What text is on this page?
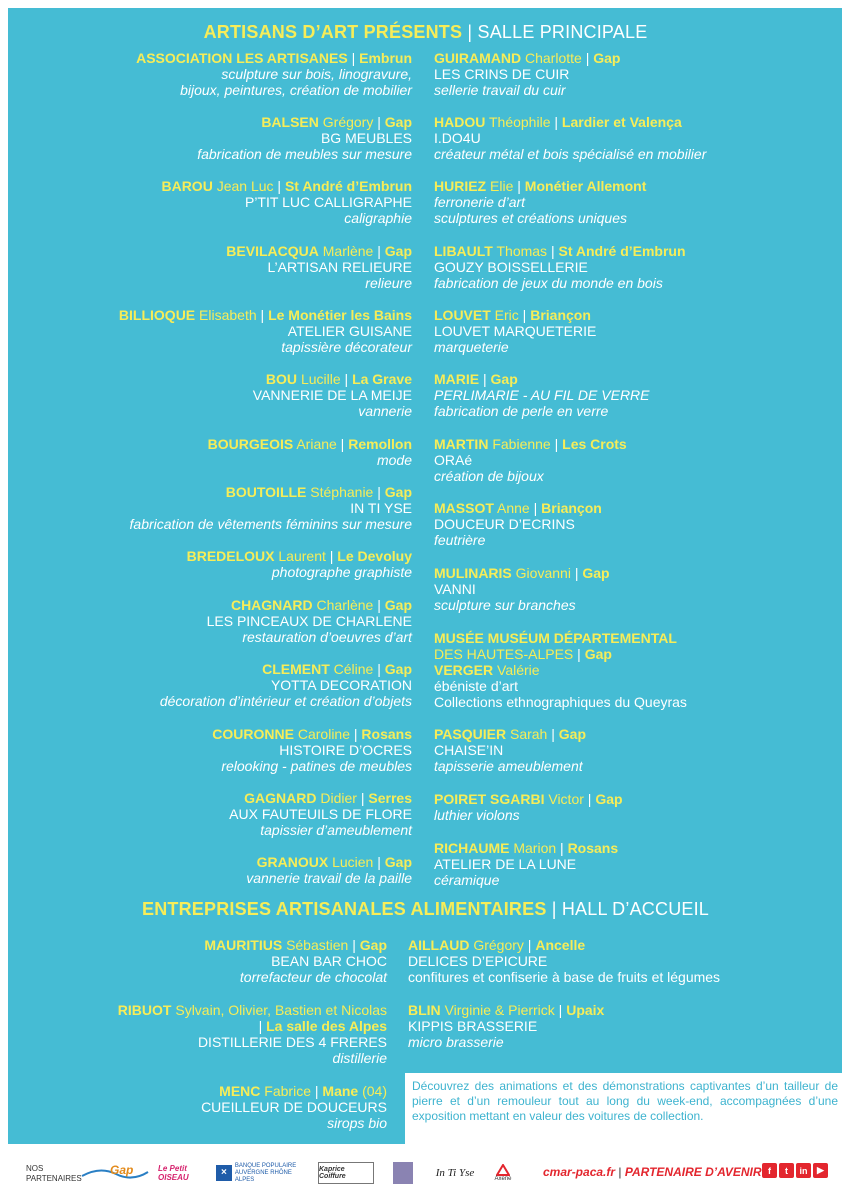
ARTISANS D’ART PRÉSENTS | SALLE PRINCIPALE
ASSOCIATION LES ARTISANES | Embrun
sculpture sur bois, linogravure,
bijoux, peintures, création de mobilier
BALSEN Grégory | Gap
BG MEUBLES
fabrication de meubles sur mesure
BAROU Jean Luc | St André d’Embrun
P’TIT LUC CALLIGRAPHE
caligraphie
BEVILACQUA Marlène | Gap
L’ARTISAN RELIEURE
relieure
BILLIOQUE Elisabeth | Le Monétier les Bains
ATELIER GUISANE
tapissière décorateur
BOU Lucille | La Grave
VANNERIE DE LA MEIJE
vannerie
BOURGEOIS Ariane | Remollon
mode
BOUTOILLE Stéphanie | Gap
IN TI YSE
fabrication de vêtements féminins sur mesure
BREDELOUX Laurent | Le Devoluy
photographe graphiste
CHAGNARD Charlène | Gap
LES PINCEAUX DE CHARLENE
restauration d’oeuvres d’art
CLEMENT Céline | Gap
YOTTA DECORATION
décoration d’intérieur et création d’objets
COURONNE Caroline | Rosans
HISTOIRE D’OCRES
relooking - patines de meubles
GAGNARD Didier | Serres
AUX FAUTEUILS DE FLORE
tapissier d’ameublement
GRANOUX Lucien | Gap
vannerie travail de la paille
GUIRAMAND Charlotte | Gap
LES CRINS DE CUIR
sellerie travail du cuir
HADOU Théophile | Lardier et Valença
I.DO4U
créateur métal et bois spécialisé en mobilier
HURIEZ Elie | Monétier Allemont
ferronerie d’art
sculptures et créations uniques
LIBAULT Thomas | St André d’Embrun
GOUZY BOISSELLERIE
fabrication de jeux du monde en bois
LOUVET Eric | Briançon
LOUVET MARQUETERIE
marqueterie
MARIE | Gap
PERLIMARIE - AU FIL DE VERRE
fabrication de perle en verre
MARTIN Fabienne | Les Crots
ORAé
création de bijoux
MASSOT Anne | Briançon
DOUCEUR D’ECRINS
feutrière
MULINARIS Giovanni | Gap
VANNI
sculpture sur branches
PASQUIER Sarah | Gap
CHAISE’IN
tapisserie ameublement
POIRET SGARBI Victor | Gap
luthier violons
RICHAUME Marion | Rosans
ATELIER DE LA LUNE
céramique
MUSÉE MUSÉUM DÉPARTEMENTAL
DES HAUTES-ALPES | Gap
VERGER Valérie
ébéniste d’art
Collections ethnographiques du Queyras
ENTREPRISES ARTISANALES ALIMENTAIRES | HALL D’ACCUEIL
MAURITIUS Sébastien | Gap
BEAN BAR CHOC
torrefacteur de chocolat
RIBUOT Sylvain, Olivier, Bastien et Nicolas
| La salle des Alpes
DISTILLERIE DES 4 FRERES
distillerie
MENC Fabrice | Mane (04)
CUEILLEUR DE DOUCEURS
sirops bio
AILLAUD Grégory | Ancelle
DELICES D’EPICURE
confitures et confiserie à base de fruits et légumes
BLIN Virginie & Pierrick | Upaix
KIPPIS BRASSERIE
micro brasserie
Découvrez des animations et des démonstrations captivantes d’un tailleur de pierre et d’un remouleur tout au long du week-end, accompagnées d’une exposition mettant en valeur des voitures de collection.
NOS
PARTENAIRES
Gap	Le Petit OISEAU	×
BANQUE POPULAIRE
AUVERGNE RHÔNE ALPES
Kaprice Coiffure	In Ti Yse	Axene	cmar-paca.fr | PARTENAIRE D’AVENIR f	t	in	▶
